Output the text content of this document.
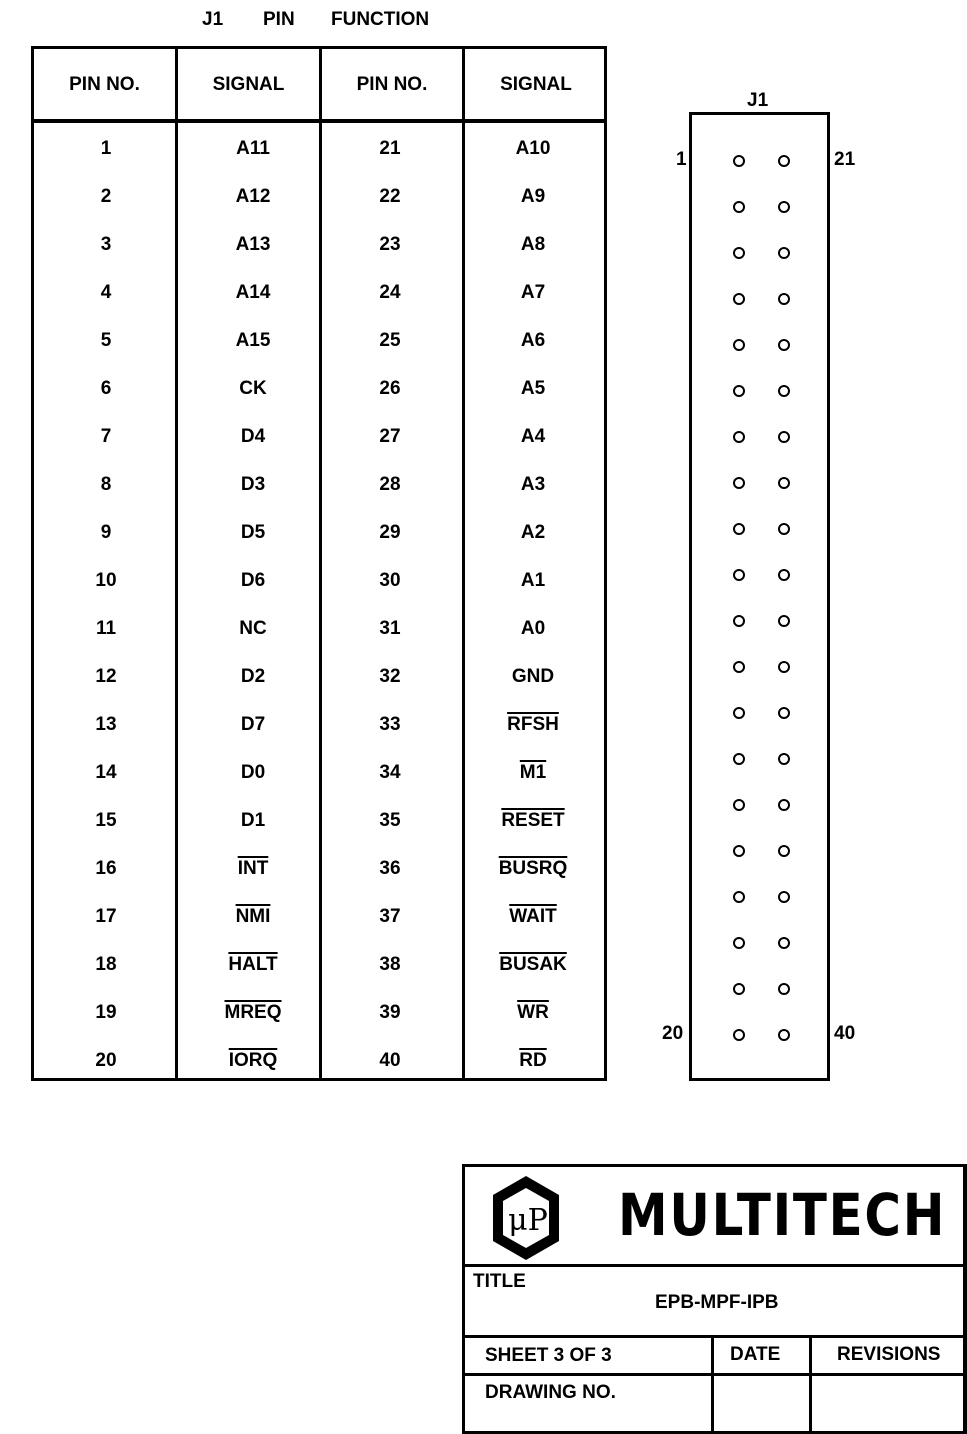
J1 PIN FUNCTION
PIN NO.	SIGNAL	PIN NO.	SIGNAL
1	A11	21	A10
2	A12	22	A9
3	A13	23	A8
4	A14	24	A7
5	A15	25	A6
6	CK	26	A5
7	D4	27	A4
8	D3	28	A3
9	D5	29	A2
10	D6	30	A1
11	NC	31	A0
12	D2	32	GND
13	D7	33	RFSH
14	D0	34	M1
15	D1	35	RESET
16	$\overline{INT}$	36	BUSRQ
17	$\overline{NMI}$	37	WAIT
18	HALT	38	BUSAK
19	MREQ	39	$\overline{WR}$
20	IORQ	40	$\overline{RD}$
J1
1	21
20	40
μP MULTITECH
TITLE
EPB-MPF-IPB
SHEET 3 OF 3	DATE	REVISIONS
DRAWING NO.
